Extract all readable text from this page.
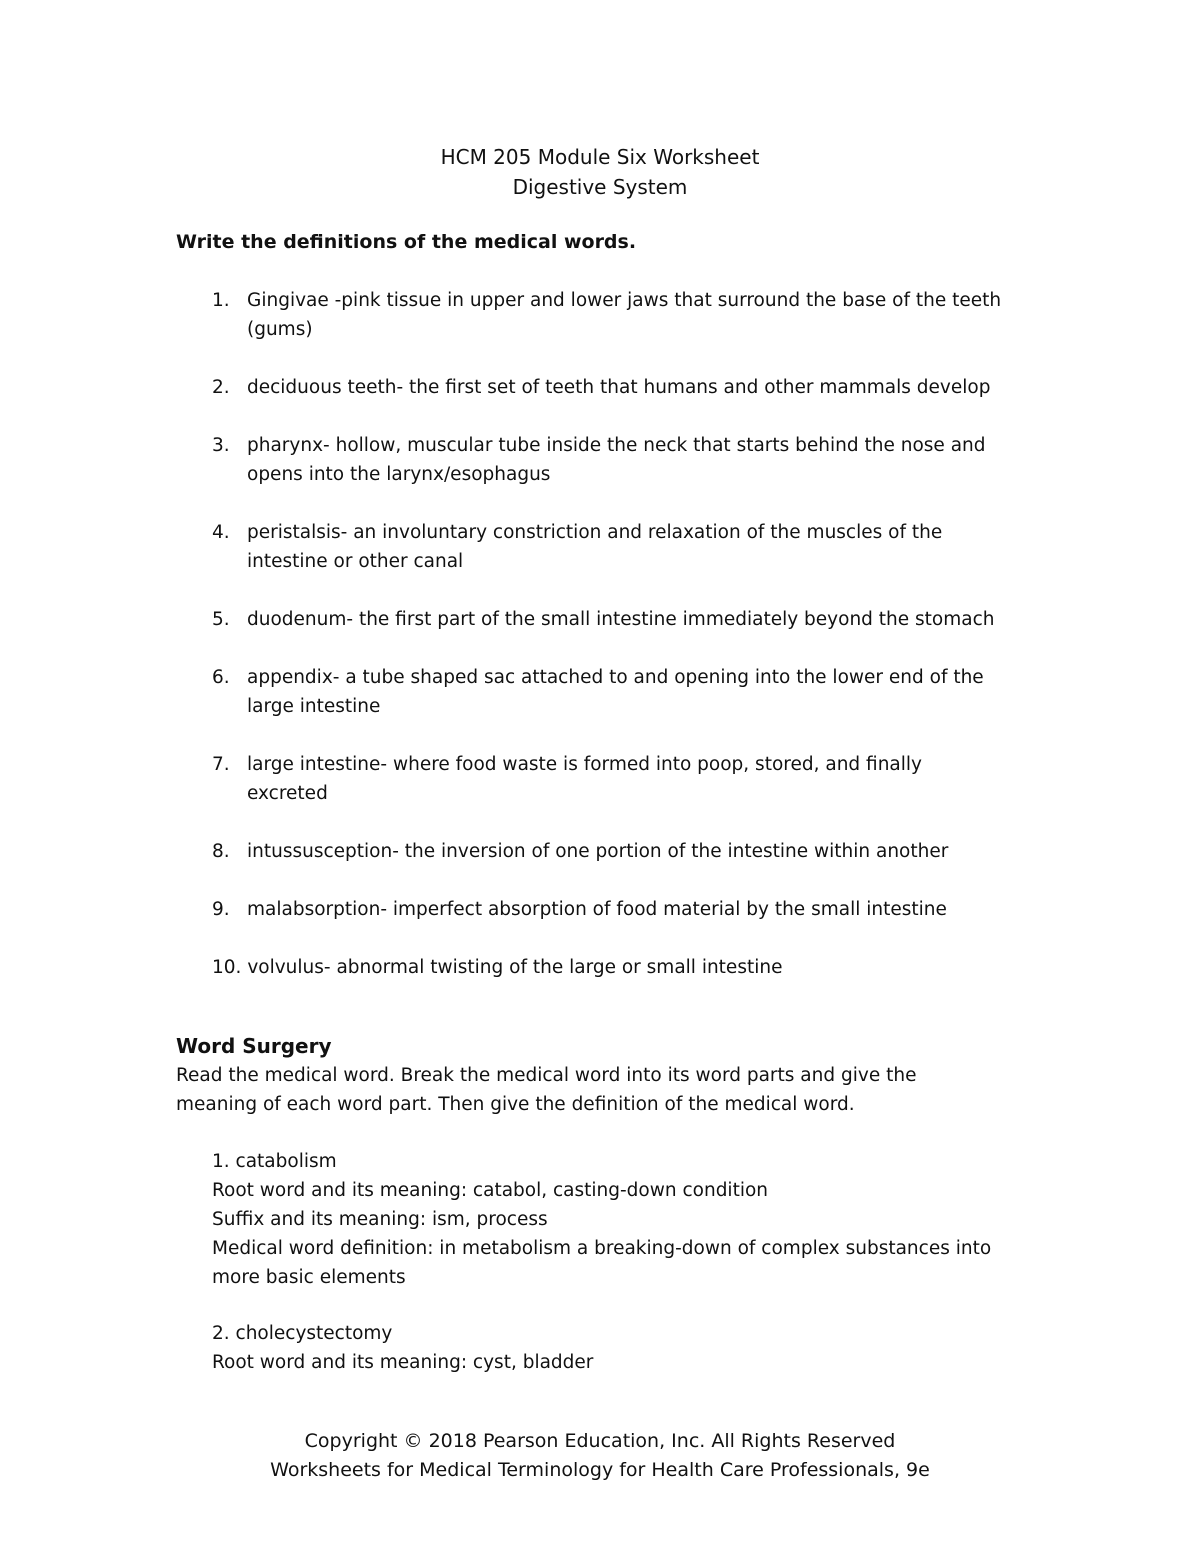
HCM 205 Module Six Worksheet
Digestive System
Write the definitions of the medical words.
1. Gingivae -pink tissue in upper and lower jaws that surround the base of the teeth
(gums)
2. deciduous teeth- the first set of teeth that humans and other mammals develop
3. pharynx- hollow, muscular tube inside the neck that starts behind the nose and
opens into the larynx/esophagus
4. peristalsis- an involuntary constriction and relaxation of the muscles of the
intestine or other canal
5. duodenum- the first part of the small intestine immediately beyond the stomach
6. appendix- a tube shaped sac attached to and opening into the lower end of the
large intestine
7. large intestine- where food waste is formed into poop, stored, and finally
excreted
8. intussusception- the inversion of one portion of the intestine within another
9. malabsorption- imperfect absorption of food material by the small intestine
10. volvulus- abnormal twisting of the large or small intestine
Word Surgery
Read the medical word. Break the medical word into its word parts and give the
meaning of each word part. Then give the definition of the medical word.
1. catabolism
Root word and its meaning: catabol, casting-down condition
Suffix and its meaning: ism, process
Medical word definition: in metabolism a breaking-down of complex substances into
more basic elements
2. cholecystectomy
Root word and its meaning: cyst, bladder
Copyright © 2018 Pearson Education, Inc. All Rights Reserved
Worksheets for Medical Terminology for Health Care Professionals, 9e
